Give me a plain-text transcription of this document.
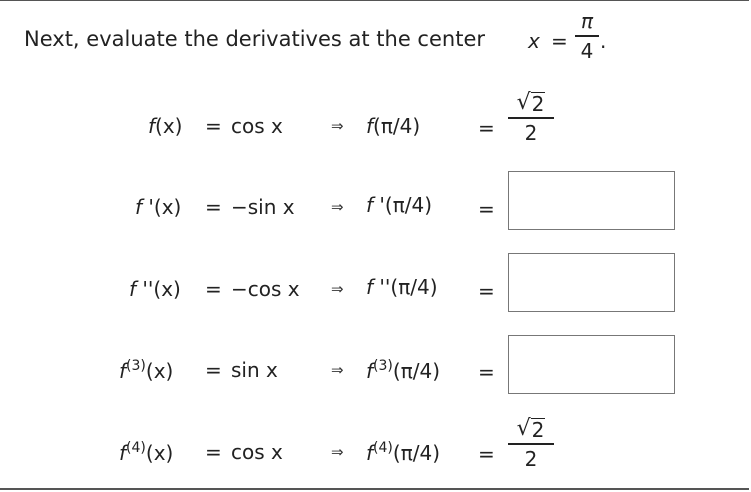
Next, evaluate the derivatives at the center x =
π
4 .
f(x) = cos x	⇒ f(π/4)	=
√ 2
2
f '(x) = −sin x ⇒ f '(π/4) =
f ''(x) = −cos x ⇒ f ''(π/4) =
$f^{(3)}(x) = \sin x$	⇒ $f^{(3)}(\pi/4)$ =
$f^{(4)}(x) = \cos x$	⇒ $f^{(4)}(\pi/4)$ =
√ 2
2
